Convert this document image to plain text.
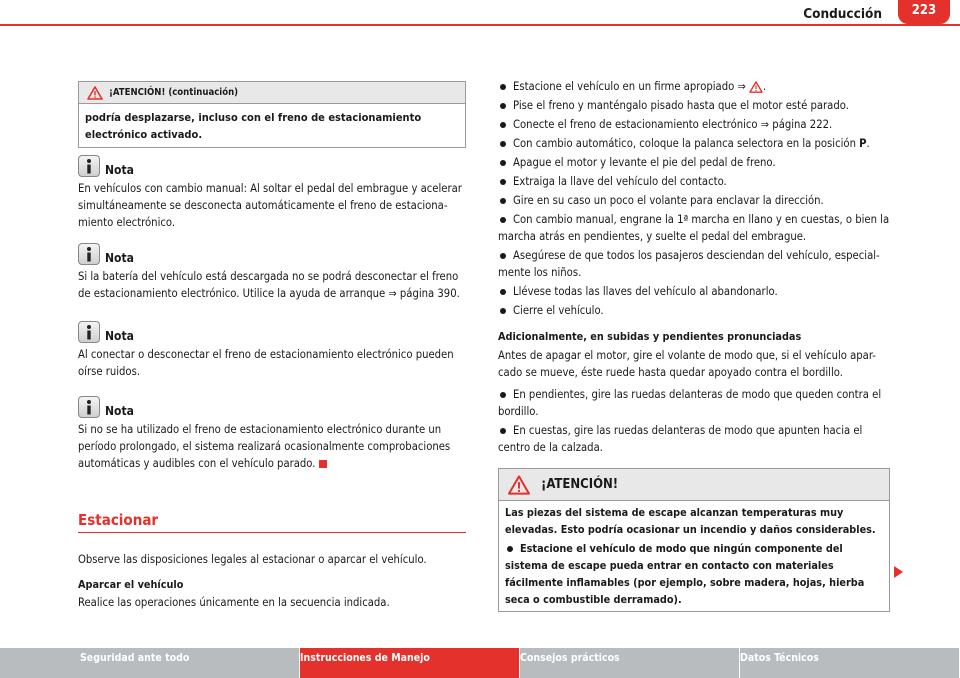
Conducción	223
¡ATENCIÓN! (continuación)
podría desplazarse, incluso con el freno de estacionamiento electrónico activado.
Nota
En vehículos con cambio manual: Al soltar el pedal del embrague y acelerar simultáneamente se desconecta automáticamente el freno de estaciona-miento electrónico.
Nota
Si la batería del vehículo está descargada no se podrá desconectar el freno de estacionamiento electrónico. Utilice la ayuda de arranque ⇒ página 390.
Nota
Al conectar o desconectar el freno de estacionamiento electrónico pueden oírse ruidos.
Nota
Si no se ha utilizado el freno de estacionamiento electrónico durante un período prolongado, el sistema realizará ocasionalmente comprobaciones automáticas y audibles con el vehículo parado.
Estacionar
Observe las disposiciones legales al estacionar o aparcar el vehículo.
Aparcar el vehículo
Realice las operaciones únicamente en la secuencia indicada.
Estacione el vehículo en un firme apropiado ⇒ .
Pise el freno y manténgalo pisado hasta que el motor esté parado.
Conecte el freno de estacionamiento electrónico ⇒ página 222.
Con cambio automático, coloque la palanca selectora en la posición P.
Apague el motor y levante el pie del pedal de freno.
Extraiga la llave del vehículo del contacto.
Gire en su caso un poco el volante para enclavar la dirección.
Con cambio manual, engrane la 1ª marcha en llano y en cuestas, o bien la marcha atrás en pendientes, y suelte el pedal del embrague.
Asegúrese de que todos los pasajeros desciendan del vehículo, especial-mente los niños.
Llévese todas las llaves del vehículo al abandonarlo.
Cierre el vehículo.
Adicionalmente, en subidas y pendientes pronunciadas
Antes de apagar el motor, gire el volante de modo que, si el vehículo apar-cado se mueve, éste ruede hasta quedar apoyado contra el bordillo.
En pendientes, gire las ruedas delanteras de modo que queden contra el bordillo.
En cuestas, gire las ruedas delanteras de modo que apunten hacia el centro de la calzada.
¡ATENCIÓN!
Las piezas del sistema de escape alcanzan temperaturas muy elevadas. Esto podría ocasionar un incendio y daños considerables.
Estacione el vehículo de modo que ningún componente del sistema de escape pueda entrar en contacto con materiales fácilmente inflamables (por ejemplo, sobre madera, hojas, hierba seca o combustible derramado).
Seguridad ante todo	Instrucciones de Manejo	Consejos prácticos	Datos Técnicos
